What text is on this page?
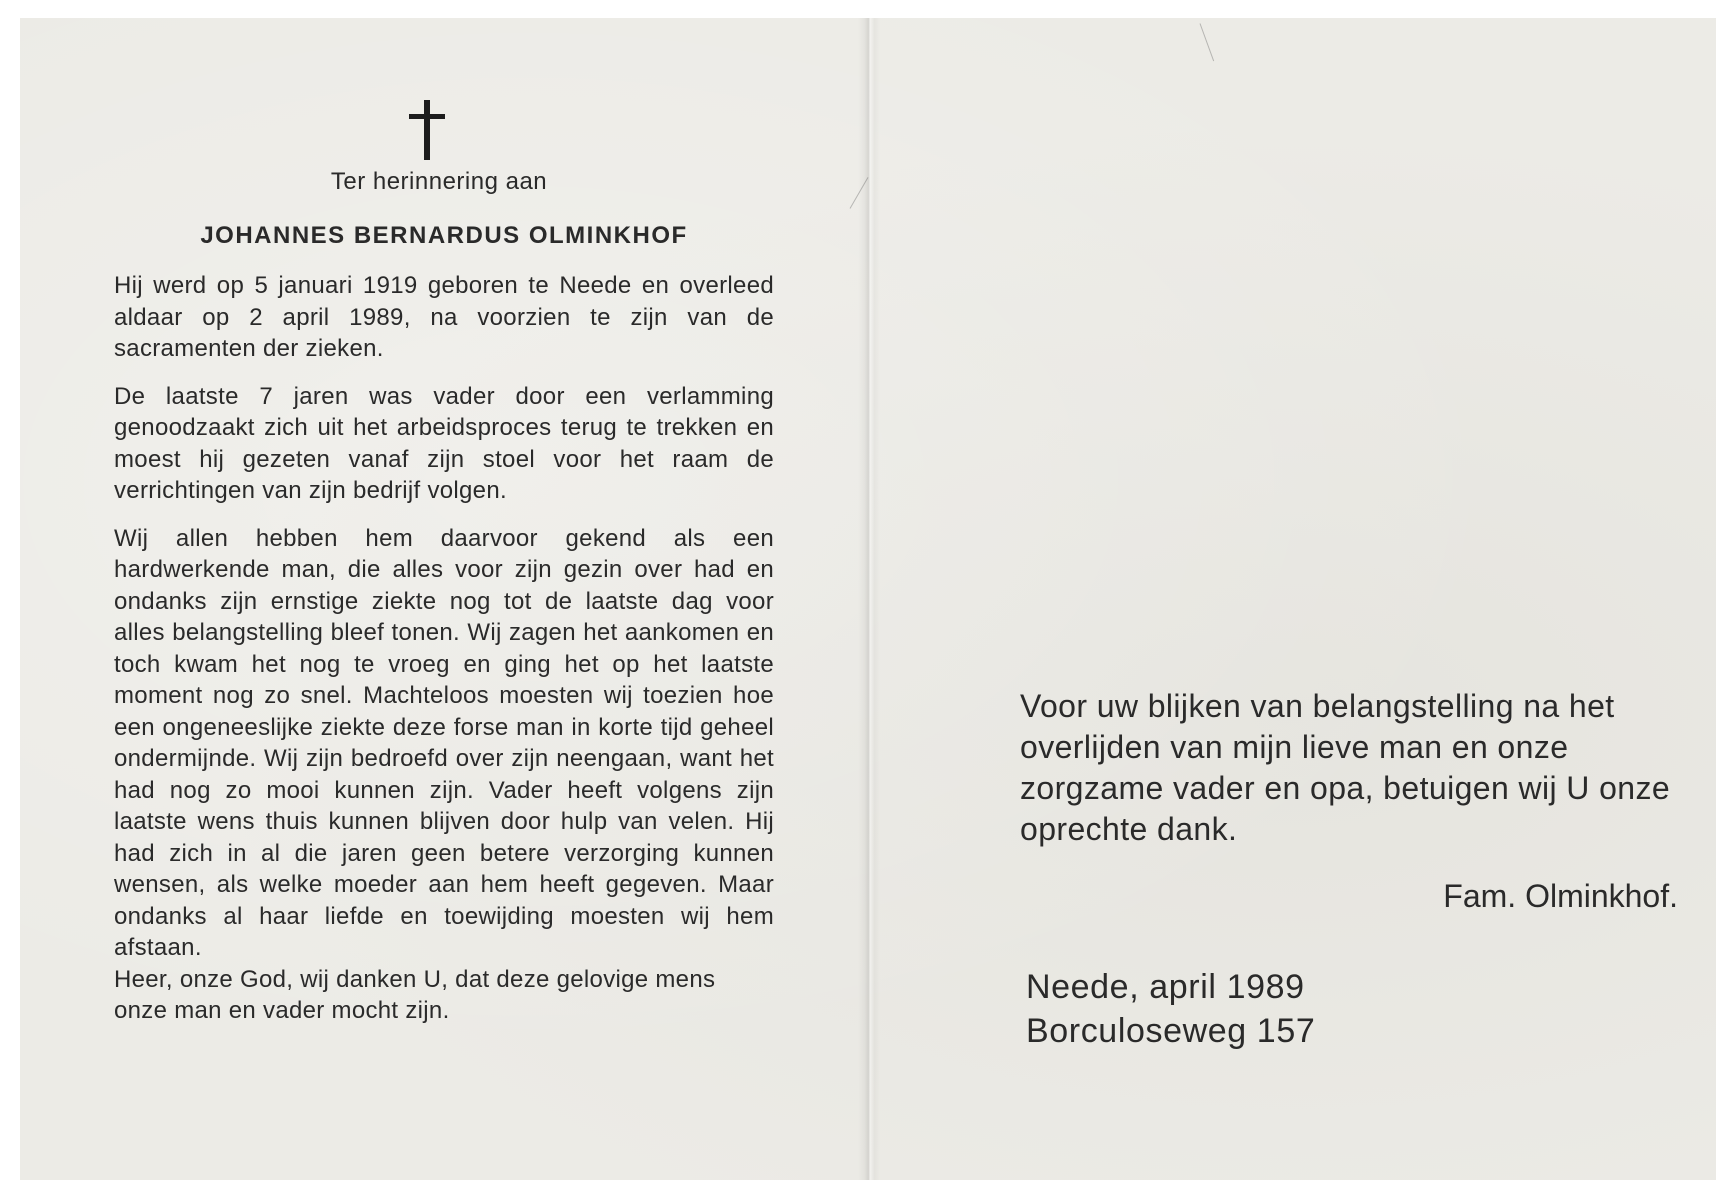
Ter herinnering aan
JOHANNES BERNARDUS OLMINKHOF

Hij werd op 5 januari 1919 geboren te Neede en overleed aldaar op 2 april 1989, na voorzien te zijn van de sacramenten der zieken.

De laatste 7 jaren was vader door een verlamming genoodzaakt zich uit het arbeidsproces terug te trekken en moest hij gezeten vanaf zijn stoel voor het raam de verrichtingen van zijn bedrijf volgen.

Wij allen hebben hem daarvoor gekend als een hardwerkende man, die alles voor zijn gezin over had en ondanks zijn ernstige ziekte nog tot de laatste dag voor alles belangstelling bleef tonen. Wij zagen het aankomen en toch kwam het nog te vroeg en ging het op het laatste moment nog zo snel. Machteloos moesten wij toezien hoe een ongeneeslijke ziekte deze forse man in korte tijd geheel ondermijnde. Wij zijn bedroefd over zijn neengaan, want het had nog zo mooi kunnen zijn. Vader heeft volgens zijn laatste wens thuis kunnen blijven door hulp van velen. Hij had zich in al die jaren geen betere verzorging kunnen wensen, als welke moeder aan hem heeft gegeven. Maar ondanks al haar liefde en toewijding moesten wij hem afstaan.

Heer, onze God, wij danken U, dat deze gelovige mens onze man en vader mocht zijn.

Voor uw blijken van belangstelling na het overlijden van mijn lieve man en onze zorgzame vader en opa, betuigen wij U onze oprechte dank.

Fam. Olminkhof.

Neede, april 1989
Borculoseweg 157
